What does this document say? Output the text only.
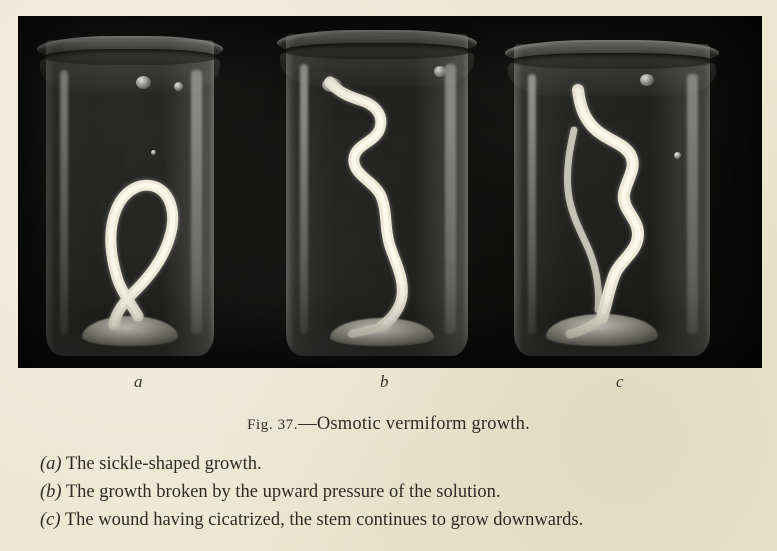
a	b	c
Fig. 37.—Osmotic vermiform growth.
(a) The sickle-shaped growth.
(b) The growth broken by the upward pressure of the solution.
(c) The wound having cicatrized, the stem continues to grow downwards.
